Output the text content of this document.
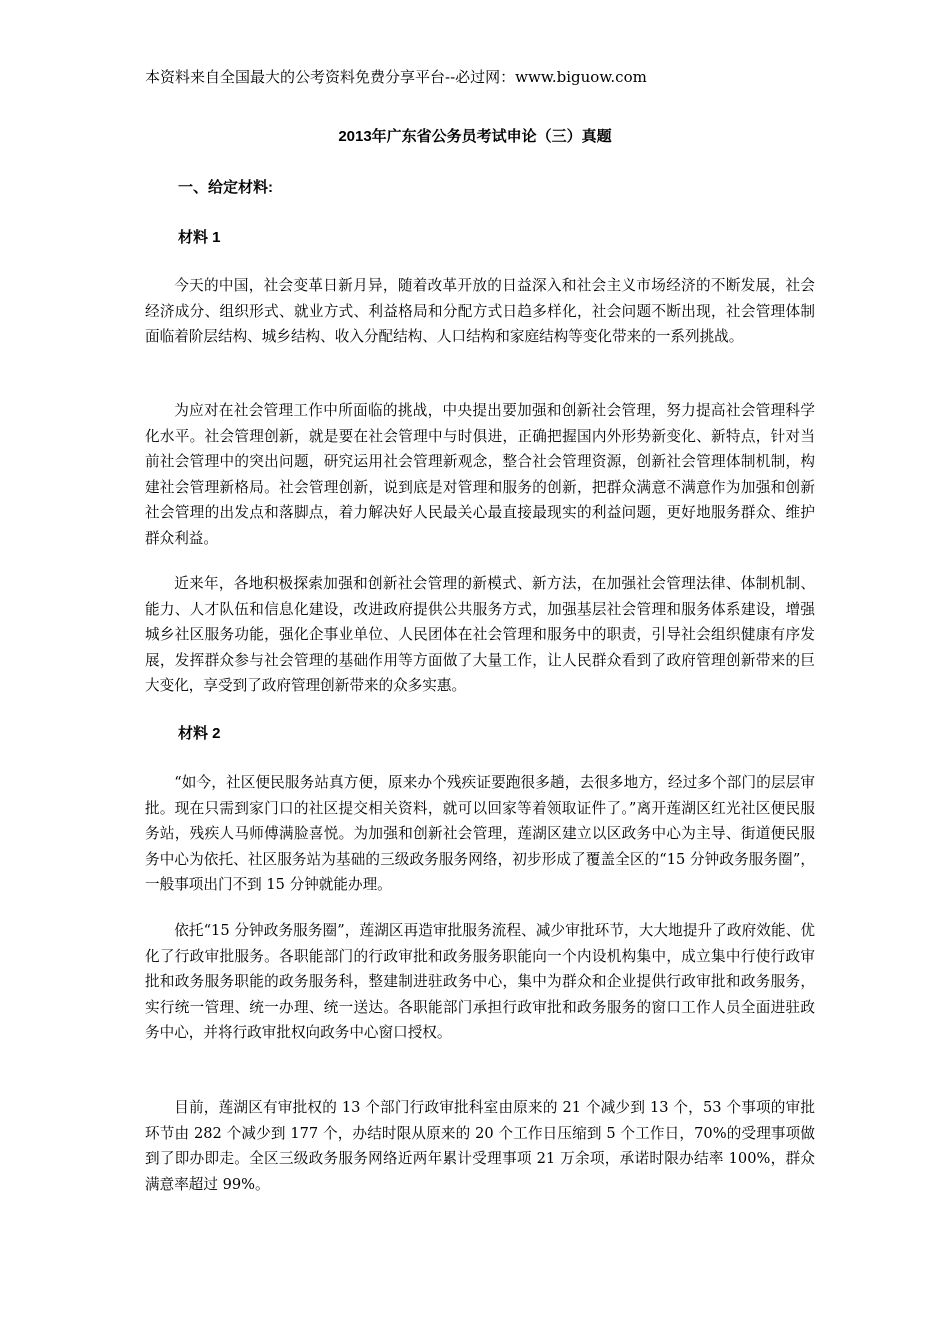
本资料来自全国最大的公考资料免费分享平台--必过网：www.biguow.com
2013年广东省公务员考试申论（三）真题
一、给定材料:
材料 1

今天的中国，社会变革日新月异，随着改革开放的日益深入和社会主义市场经济的不断发展，社会经济成分、组织形式、就业方式、利益格局和分配方式日趋多样化，社会问题不断出现，社会管理体制面临着阶层结构、城乡结构、收入分配结构、人口结构和家庭结构等变化带来的一系列挑战。

为应对在社会管理工作中所面临的挑战，中央提出要加强和创新社会管理，努力提高社会管理科学化水平。社会管理创新，就是要在社会管理中与时俱进，正确把握国内外形势新变化、新特点，针对当前社会管理中的突出问题，研究运用社会管理新观念，整合社会管理资源，创新社会管理体制机制，构建社会管理新格局。社会管理创新，说到底是对管理和服务的创新，把群众满意不满意作为加强和创新社会管理的出发点和落脚点，着力解决好人民最关心最直接最现实的利益问题，更好地服务群众、维护群众利益。

近来年，各地积极探索加强和创新社会管理的新模式、新方法，在加强社会管理法律、体制机制、能力、人才队伍和信息化建设，改进政府提供公共服务方式，加强基层社会管理和服务体系建设，增强城乡社区服务功能，强化企事业单位、人民团体在社会管理和服务中的职责，引导社会组织健康有序发展，发挥群众参与社会管理的基础作用等方面做了大量工作，让人民群众看到了政府管理创新带来的巨大变化，享受到了政府管理创新带来的众多实惠。

材料 2

“如今，社区便民服务站真方便，原来办个残疾证要跑很多趟，去很多地方，经过多个部门的层层审批。现在只需到家门口的社区提交相关资料，就可以回家等着领取证件了。”离开莲湖区红光社区便民服务站，残疾人马师傅满脸喜悦。为加强和创新社会管理，莲湖区建立以区政务中心为主导、街道便民服务中心为依托、社区服务站为基础的三级政务服务网络，初步形成了覆盖全区的“15 分钟政务服务圈”，一般事项出门不到 15 分钟就能办理。

依托“15 分钟政务服务圈”，莲湖区再造审批服务流程、减少审批环节，大大地提升了政府效能、优化了行政审批服务。各职能部门的行政审批和政务服务职能向一个内设机构集中，成立集中行使行政审批和政务服务职能的政务服务科，整建制进驻政务中心，集中为群众和企业提供行政审批和政务服务，实行统一管理、统一办理、统一送达。各职能部门承担行政审批和政务服务的窗口工作人员全面进驻政务中心，并将行政审批权向政务中心窗口授权。

目前，莲湖区有审批权的 13 个部门行政审批科室由原来的 21 个减少到 13 个，53 个事项的审批环节由 282 个减少到 177 个，办结时限从原来的 20 个工作日压缩到 5 个工作日，70%的受理事项做到了即办即走。全区三级政务服务网络近两年累计受理事项 21 万余项，承诺时限办结率 100%，群众满意率超过 99%。
